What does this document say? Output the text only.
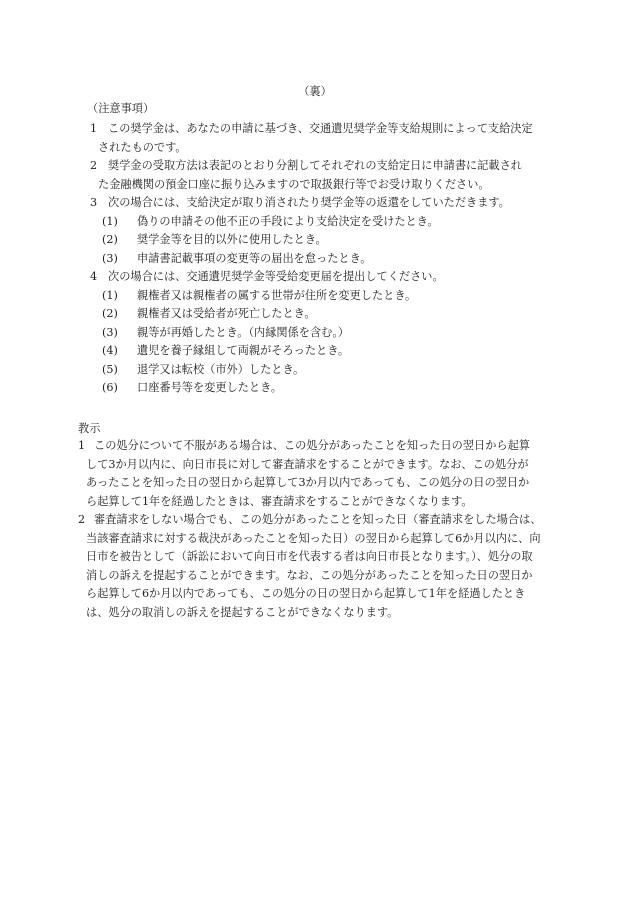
（裏）

（注意事項）

1 この奨学金は、あなたの申請に基づき、交通遺児奨学金等支給規則によって支給決定
されたものです。
2 奨学金の受取方法は表記のとおり分割してそれぞれの支給定日に申請書に記載され
た金融機関の預金口座に振り込みますので取扱銀行等でお受け取りください。
3 次の場合には、支給決定が取り消されたり奨学金等の返還をしていただきます。
(1) 偽りの申請その他不正の手段により支給決定を受けたとき。
(2) 奨学金等を目的以外に使用したとき。
(3) 申請書記載事項の変更等の届出を怠ったとき。
4 次の場合には、交通遺児奨学金等受給変更届を提出してください。
(1) 親権者又は親権者の属する世帯が住所を変更したとき。
(2) 親権者又は受給者が死亡したとき。
(3) 親等が再婚したとき。（内縁関係を含む。）
(4) 遺児を養子縁組して両親がそろったとき。
(5) 退学又は転校（市外）したとき。
(6) 口座番号等を変更したとき。

教示

1 この処分について不服がある場合は、この処分があったことを知った日の翌日から起算
して3か月以内に、向日市長に対して審査請求をすることができます。なお、この処分が
あったことを知った日の翌日から起算して3か月以内であっても、この処分の日の翌日か
ら起算して1年を経過したときは、審査請求をすることができなくなります。
2 審査請求をしない場合でも、この処分があったことを知った日（審査請求をした場合は、
当該審査請求に対する裁決があったことを知った日）の翌日から起算して6か月以内に、向
日市を被告として（訴訟において向日市を代表する者は向日市長となります。）、処分の取
消しの訴えを提起することができます。なお、この処分があったことを知った日の翌日か
ら起算して6か月以内であっても、この処分の日の翌日から起算して1年を経過したとき
は、処分の取消しの訴えを提起することができなくなります。
